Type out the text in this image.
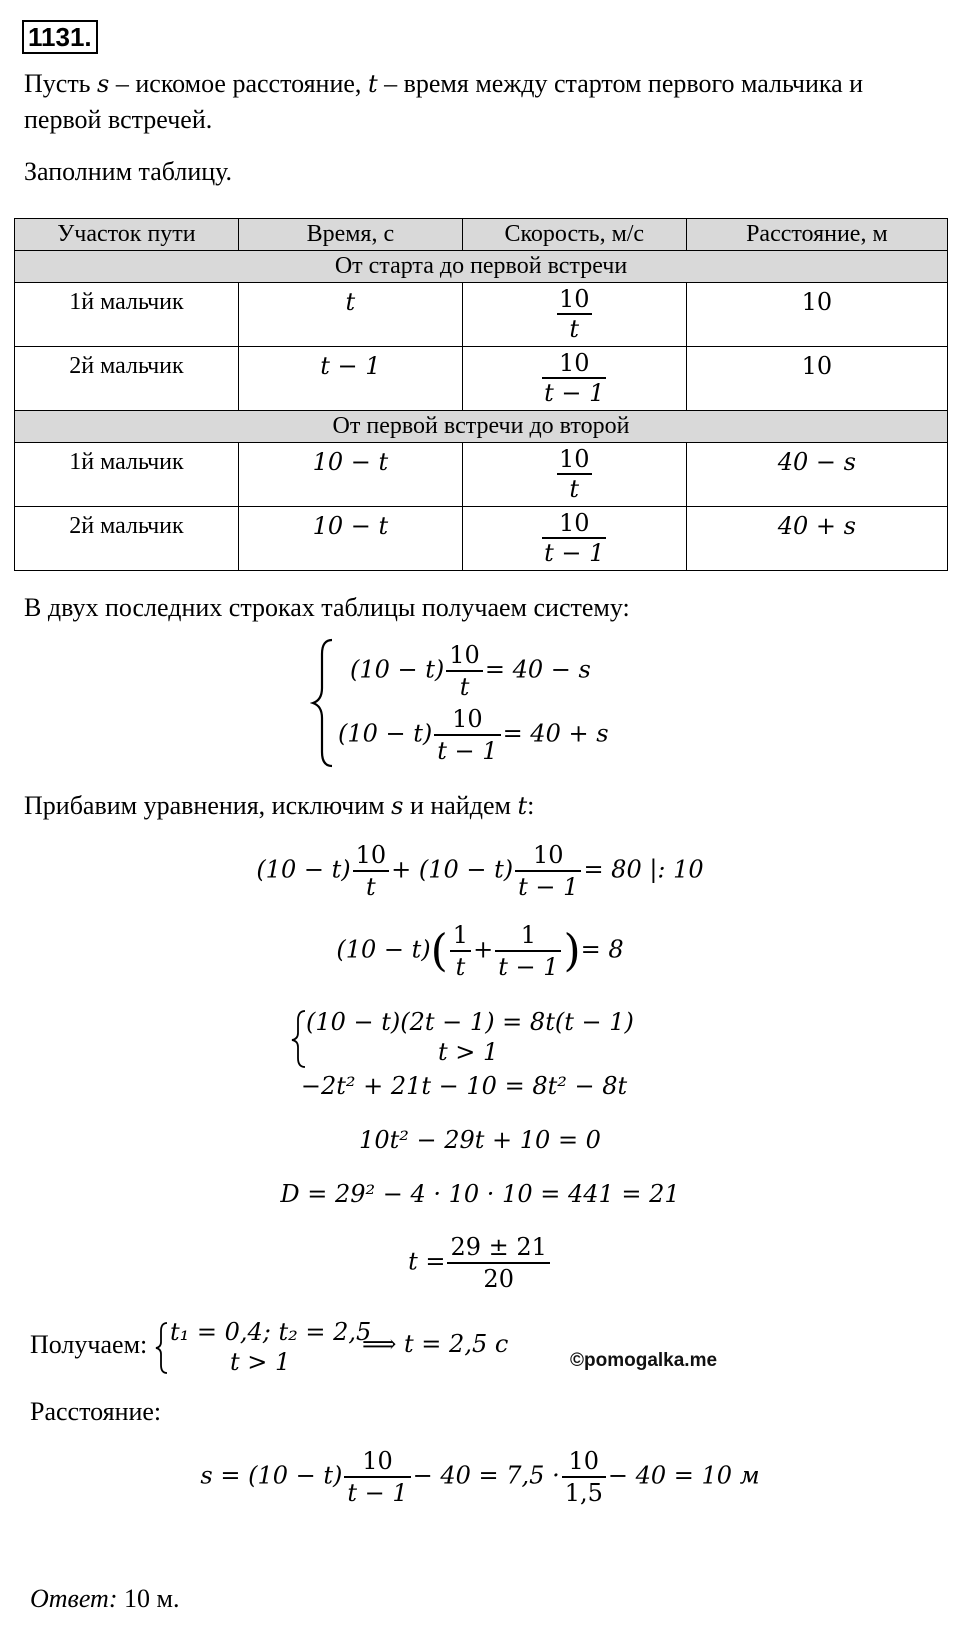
1131.
Пусть s – искомое расстояние, t – время между стартом первого мальчика и первой встречей.
Заполним таблицу.
Участок пути	Время, с	Скорость, м/с	Расстояние, м
От старта до первой встречи			
1й мальчик	t	$\frac{10}{t}$	10
2й мальчик	t − 1	$\frac{10}{t - 1}$	10
От первой встречи до второй			
1й мальчик	10 − t	$\frac{10}{t}$	40 − s
2й мальчик	10 − t	$\frac{10}{t - 1}$	40 + s
В двух последних строках таблицы получаем систему:
$(10 - t) \frac{10}{t} = 40 - s$
$(10 - t) \frac{10}{t - 1} = 40 + s$
Прибавим уравнения, исключим s и найдем t:
$(10 - t) \frac{10}{t} + (10 - t) \frac{10}{t - 1} = 80$ |: 10
$(10 - t)( \frac{1}{t} + \frac{1}{t - 1}$ )= 8
(10 − t)(2t − 1) = 8t(t − 1)
t > 1
−2t² + 21t − 10 = 8t² − 8t
10t² − 29t + 10 = 0
D = 29² − 4 · 10 · 10 = 441 = 21
$t = \frac{29 \pm 21}{20}$
Получаем: t₁ = 0,4; t₂ = 2,5
t > 1
⟹ t = 2,5 c
©pomogalka.me
Расстояние:
$s = (10 - t) \frac{10}{t - 1} - 40 = 7,5 \cdot \frac{10}{1,5} - 40 = 10$ м
Ответ: 10 м.
